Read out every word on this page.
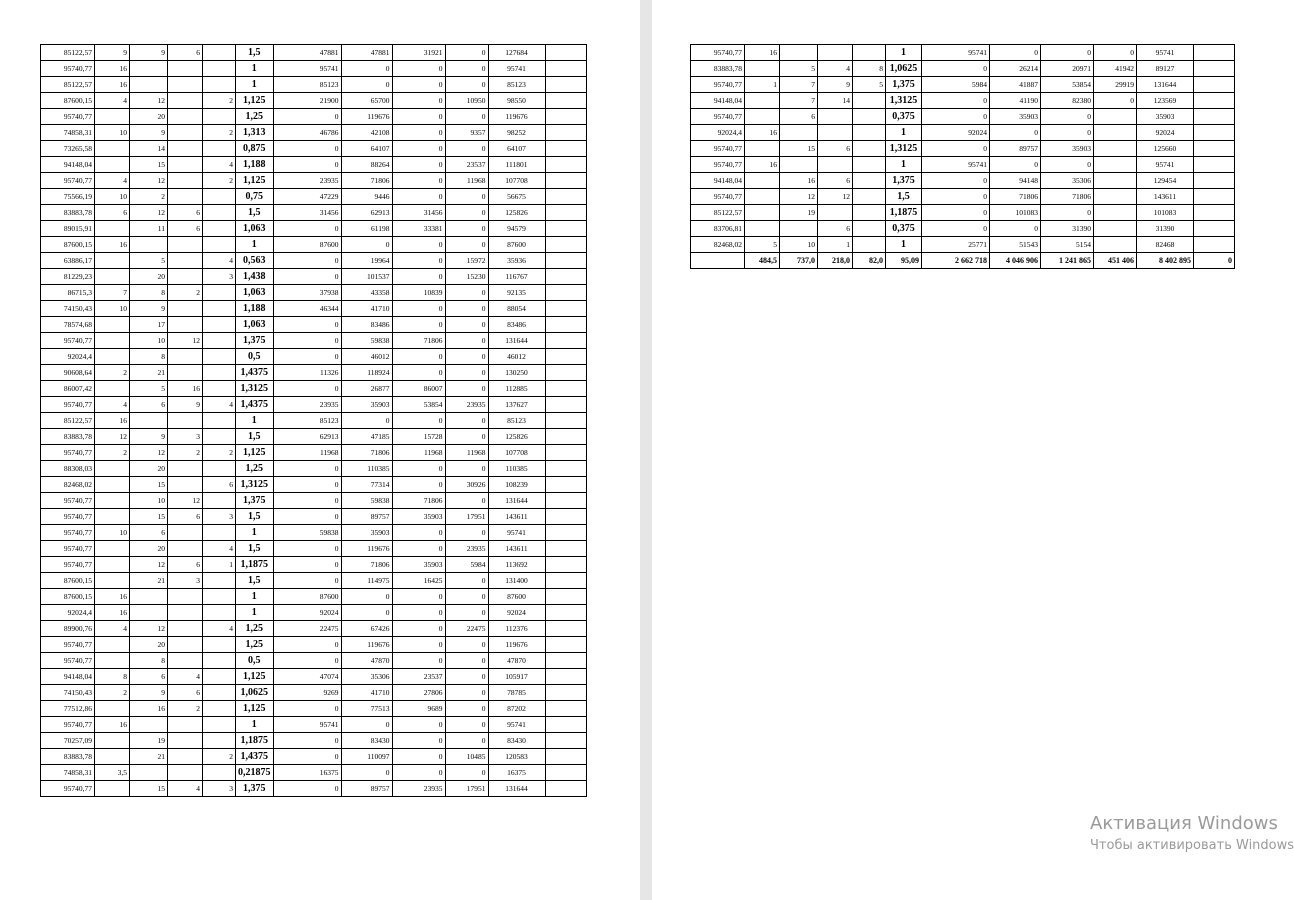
85122,57	9	9	6		1,5	47881	47881	31921	0	127684	
95740,77	16				1	95741	0	0	0	95741	
85122,57	16				1	85123	0	0	0	85123	
87600,15	4	12		2	1,125	21900	65700	0	10950	98550	
95740,77		20			1,25	0	119676	0	0	119676	
74858,31	10	9		2	1,313	46786	42108	0	9357	98252	
73265,58		14			0,875	0	64107	0	0	64107	
94148,04		15		4	1,188	0	88264	0	23537	111801	
95740,77	4	12		2	1,125	23935	71806	0	11968	107708	
75566,19	10	2			0,75	47229	9446	0	0	56675	
83883,78	6	12	6		1,5	31456	62913	31456	0	125826	
89015,91		11	6		1,063	0	61198	33381	0	94579	
87600,15	16				1	87600	0	0	0	87600	
63886,17		5		4	0,563	0	19964	0	15972	35936	
81229,23		20		3	1,438	0	101537	0	15230	116767	
86715,3	7	8	2		1,063	37938	43358	10839	0	92135	
74150,43	10	9			1,188	46344	41710	0	0	88054	
78574,68		17			1,063	0	83486	0	0	83486	
95740,77		10	12		1,375	0	59838	71806	0	131644	
92024,4		8			0,5	0	46012	0	0	46012	
90608,64	2	21			1,4375	11326	118924	0	0	130250	
86007,42		5	16		1,3125	0	26877	86007	0	112885	
95740,77	4	6	9	4	1,4375	23935	35903	53854	23935	137627	
85122,57	16				1	85123	0	0	0	85123	
83883,78	12	9	3		1,5	62913	47185	15728	0	125826	
95740,77	2	12	2	2	1,125	11968	71806	11968	11968	107708	
88308,03		20			1,25	0	110385	0	0	110385	
82468,02		15		6	1,3125	0	77314	0	30926	108239	
95740,77		10	12		1,375	0	59838	71806	0	131644	
95740,77		15	6	3	1,5	0	89757	35903	17951	143611	
95740,77	10	6			1	59838	35903	0	0	95741	
95740,77		20		4	1,5	0	119676	0	23935	143611	
95740,77		12	6	1	1,1875	0	71806	35903	5984	113692	
87600,15		21	3		1,5	0	114975	16425	0	131400	
87600,15	16				1	87600	0	0	0	87600	
92024,4	16				1	92024	0	0	0	92024	
89900,76	4	12		4	1,25	22475	67426	0	22475	112376	
95740,77		20			1,25	0	119676	0	0	119676	
95740,77		8			0,5	0	47870	0	0	47870	
94148,04	8	6	4		1,125	47074	35306	23537	0	105917	
74150,43	2	9	6		1,0625	9269	41710	27806	0	78785	
77512,86		16	2		1,125	0	77513	9689	0	87202	
95740,77	16				1	95741	0	0	0	95741	
70257,09		19			1,1875	0	83430	0	0	83430	
83883,78		21		2	1,4375	0	110097	0	10485	120583	
74858,31	3,5				0,21875	16375	0	0	0	16375	
95740,77		15	4	3	1,375	0	89757	23935	17951	131644	
95740,77	16				1	95741	0	0	0	95741	
83883,78		5	4	8	1,0625	0	26214	20971	41942	89127	
95740,77	1	7	9	5	1,375	5984	41887	53854	29919	131644	
94148,04		7	14		1,3125	0	41190	82380	0	123569	
95740,77		6			0,375	0	35903	0		35903	
92024,4	16				1	92024	0	0		92024	
95740,77		15	6		1,3125	0	89757	35903		125660	
95740,77	16				1	95741	0	0		95741	
94148,04		16	6		1,375	0	94148	35306		129454	
95740,77		12	12		1,5	0	71806	71806		143611	
85122,57		19			1,1875	0	101083	0		101083	
83706,81			6		0,375	0	0	31390		31390	
82468,02	5	10	1		1	25771	51543	5154		82468	
	484,5	737,0	218,0	82,0	95,09	2 662 718	4 046 906	1 241 865	451 406	8 402 895	0
Активация Windows
Чтобы активировать Windows
